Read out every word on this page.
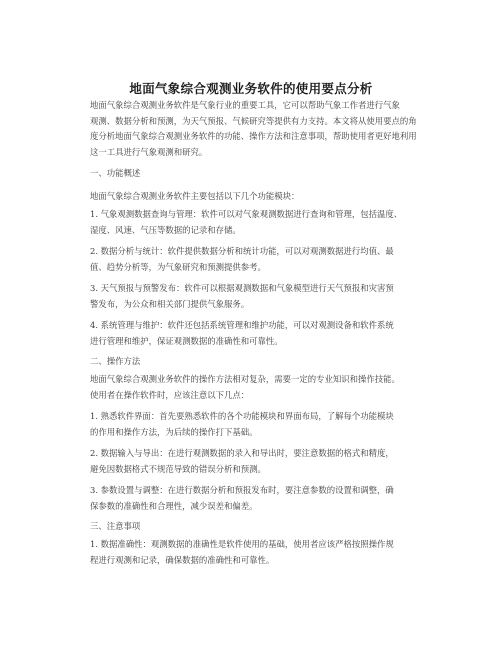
地面气象综合观测业务软件的使用要点分析

地面气象综合观测业务软件是气象行业的重要工具，它可以帮助气象工作者进行气象
观测、数据分析和预测，为天气预报、气候研究等提供有力支持。本文将从使用要点的角
度分析地面气象综合观测业务软件的功能、操作方法和注意事项，帮助使用者更好地利用
这一工具进行气象观测和研究。

一、功能概述
地面气象综合观测业务软件主要包括以下几个功能模块：

1. 气象观测数据查询与管理：软件可以对气象观测数据进行查询和管理，包括温度、
湿度、风速、气压等数据的记录和存储。

2. 数据分析与统计：软件提供数据分析和统计功能，可以对观测数据进行均值、最
值、趋势分析等，为气象研究和预测提供参考。

3. 天气预报与预警发布：软件可以根据观测数据和气象模型进行天气预报和灾害预
警发布，为公众和相关部门提供气象服务。

4. 系统管理与维护：软件还包括系统管理和维护功能，可以对观测设备和软件系统
进行管理和维护，保证观测数据的准确性和可靠性。

二、操作方法

地面气象综合观测业务软件的操作方法相对复杂，需要一定的专业知识和操作技能。
使用者在操作软件时，应该注意以下几点：

1. 熟悉软件界面：首先要熟悉软件的各个功能模块和界面布局，了解每个功能模块
的作用和操作方法，为后续的操作打下基础。

2. 数据输入与导出：在进行观测数据的录入和导出时，要注意数据的格式和精度，
避免因数据格式不规范导致的错误分析和预测。

3. 参数设置与调整：在进行数据分析和预报发布时，要注意参数的设置和调整，确
保参数的准确性和合理性，减少误差和偏差。

三、注意事项

1. 数据准确性：观测数据的准确性是软件使用的基础，使用者应该严格按照操作规
程进行观测和记录，确保数据的准确性和可靠性。
